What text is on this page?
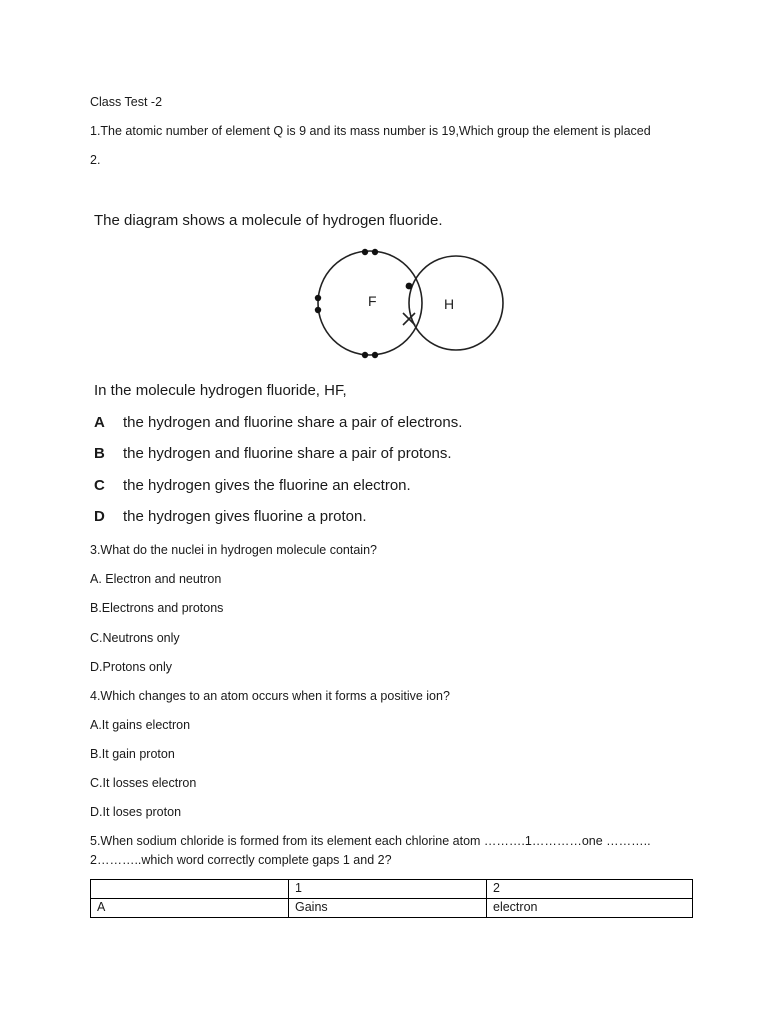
Class Test -2
1.The atomic number of element Q is 9 and its mass number is 19,Which group the element is placed
2.
The diagram shows a molecule of hydrogen fluoride.
F	H
In the molecule hydrogen fluoride, HF,
A the hydrogen and fluorine share a pair of electrons.
B the hydrogen and fluorine share a pair of protons.
C the hydrogen gives the fluorine an electron.
D the hydrogen gives fluorine a proton.
3.What do the nuclei in hydrogen molecule contain?
A. Electron and neutron
B.Electrons and protons
C.Neutrons only
D.Protons only
4.Which changes to an atom occurs when it forms a positive ion?
A.It gains electron
B.It gain proton
C.It losses electron
D.It loses proton
5.When sodium chloride is formed from its element each chlorine atom ……….1…………one ………..
2………..which word correctly complete gaps 1 and 2?
	1	2
A	Gains	electron
